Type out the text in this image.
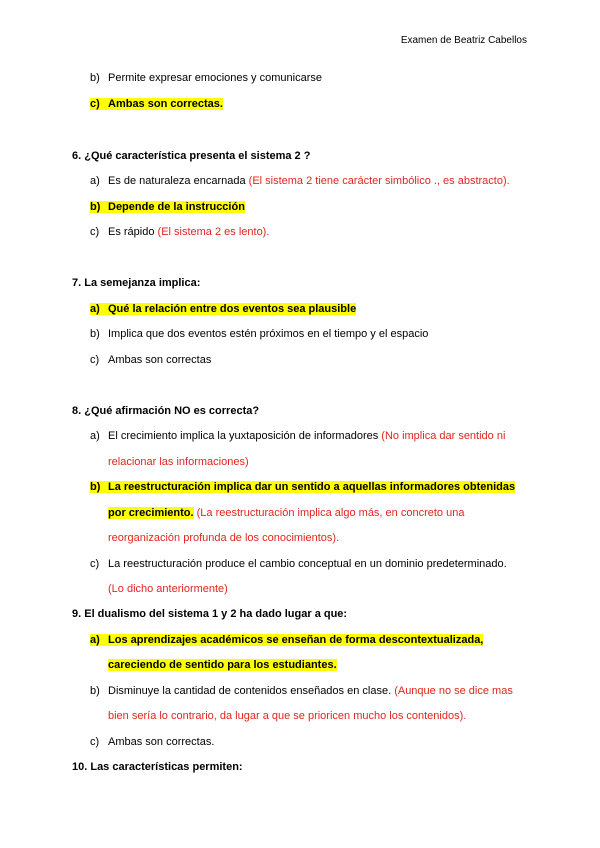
Examen de Beatriz Cabellos
b) Permite expresar emociones y comunicarse
c) Ambas son correctas.
6. ¿Qué característica presenta el sistema 2 ?
a) Es de naturaleza encarnada (El sistema 2 tiene carácter simbólico ., es abstracto).
b) Depende de la instrucción
c) Es rápido (El sistema 2 es lento).
7. La semejanza implica:
a) Qué la relación entre dos eventos sea plausible
b) Implica que dos eventos estén próximos en el tiempo y el espacio
c) Ambas son correctas
8. ¿Qué afirmación NO es correcta?
a) El crecimiento implica la yuxtaposición de informadores (No implica dar sentido ni
relacionar las informaciones)
b) La reestructuración implica dar un sentido a aquellas informadores obtenidas
por crecimiento. (La reestructuración implica algo más, en concreto una
reorganización profunda de los conocimientos).
c) La reestructuración produce el cambio conceptual en un dominio predeterminado.
(Lo dicho anteriormente)
9. El dualismo del sistema 1 y 2 ha dado lugar a que:
a) Los aprendizajes académicos se enseñan de forma descontextualizada,
careciendo de sentido para los estudiantes.
b) Disminuye la cantidad de contenidos enseñados en clase. (Aunque no se dice mas
bien sería lo contrario, da lugar a que se prioricen mucho los contenidos).
c) Ambas son correctas.
10. Las características permiten:
